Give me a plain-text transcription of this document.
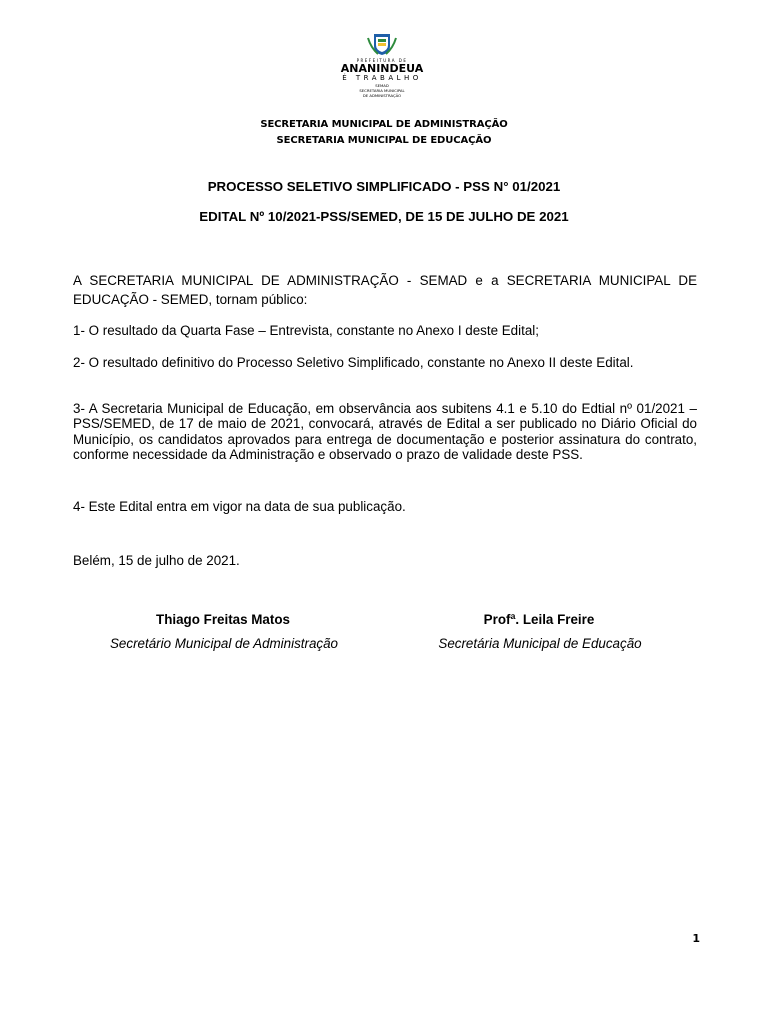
PREFEITURA DE
ANANINDEUA
É TRABALHO
SEMAD
SECRETARIA MUNICIPAL
DE ADMINISTRAÇÃO
SECRETARIA MUNICIPAL DE ADMINISTRAÇÃO
SECRETARIA MUNICIPAL DE EDUCAÇÃO
PROCESSO SELETIVO SIMPLIFICADO - PSS N° 01/2021
EDITAL Nº 10/2021-PSS/SEMED, DE 15 DE JULHO DE 2021
A SECRETARIA MUNICIPAL DE ADMINISTRAÇÃO - SEMAD e a SECRETARIA MUNICIPAL DE EDUCAÇÃO - SEMED, tornam público:
1- O resultado da Quarta Fase – Entrevista, constante no Anexo I deste Edital;
2- O resultado definitivo do Processo Seletivo Simplificado, constante no Anexo II deste Edital.
3- A Secretaria Municipal de Educação, em observância aos subitens 4.1 e 5.10 do Edtial nº 01/2021 – PSS/SEMED, de 17 de maio de 2021, convocará, através de Edital a ser publicado no Diário Oficial do Município, os candidatos aprovados para entrega de documentação e posterior assinatura do contrato, conforme necessidade da Administração e observado o prazo de validade deste PSS.
4- Este Edital entra em vigor na data de sua publicação.
Belém, 15 de julho de 2021.
Thiago Freitas Matos
Secretário Municipal de Administração
Profª. Leila Freire
Secretária Municipal de Educação
1
